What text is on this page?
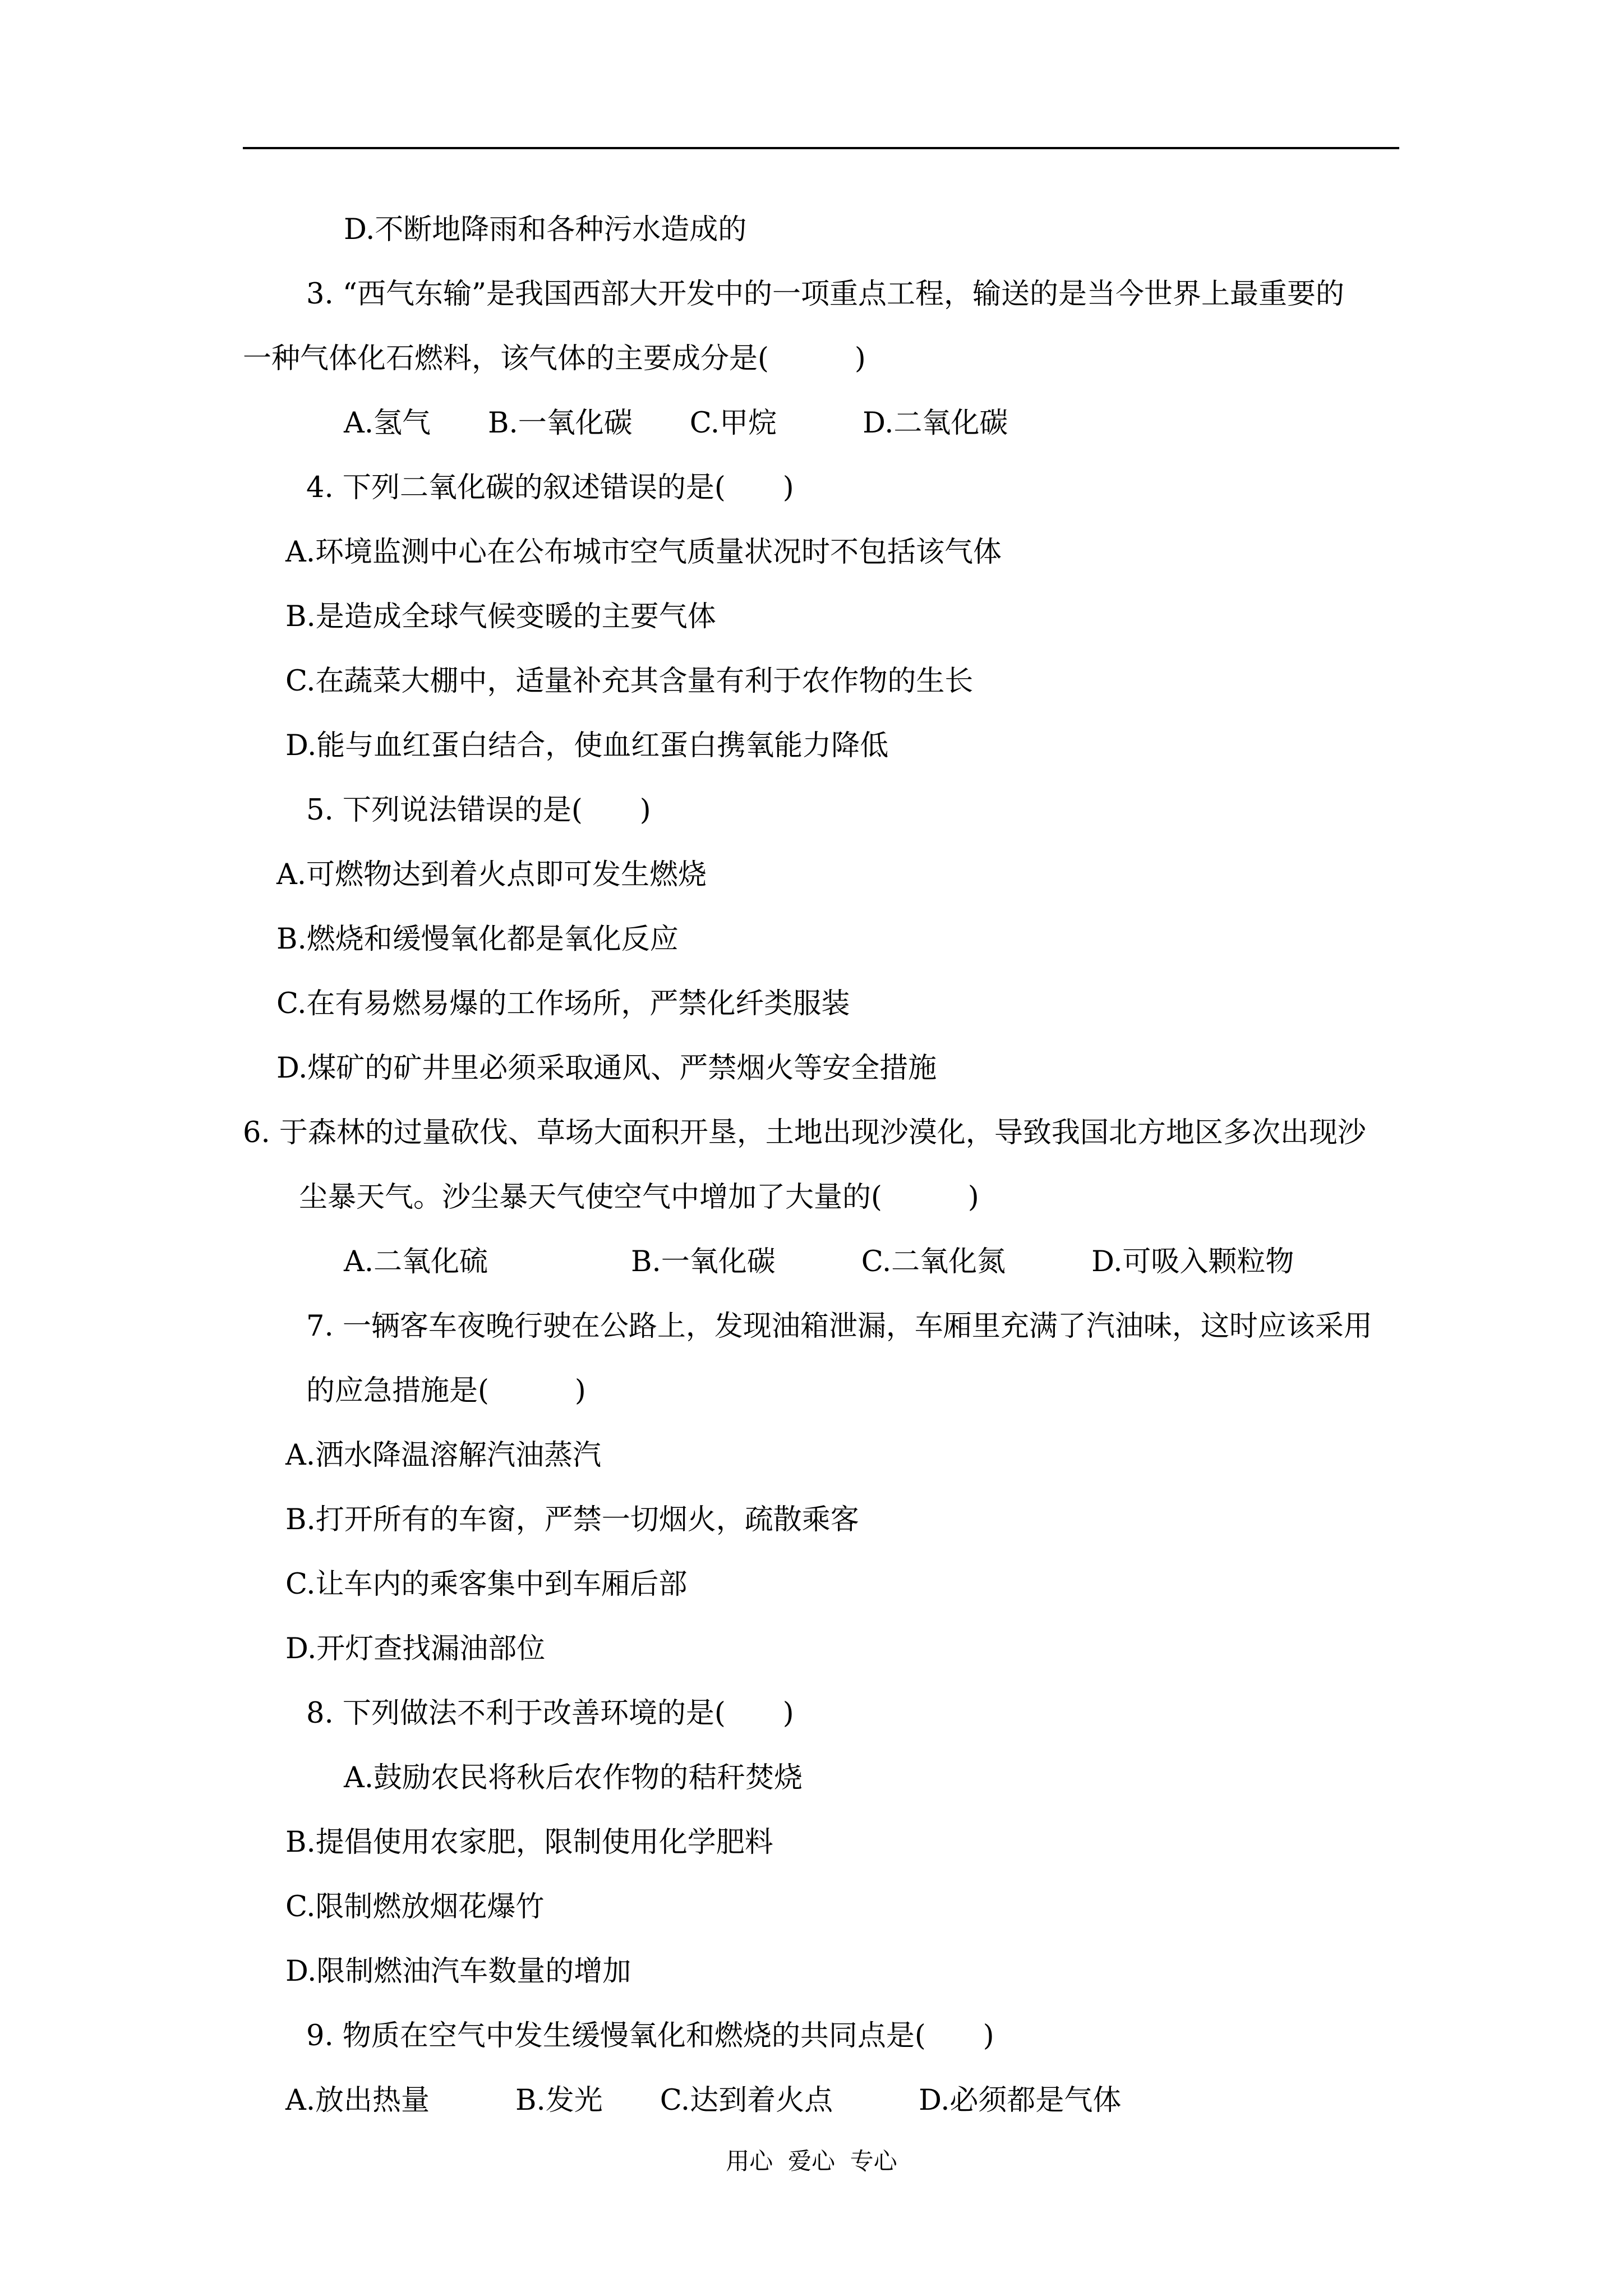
D.不断地降雨和各种污水造成的
3. “西气东输”是我国西部大开发中的一项重点工程，输送的是当今世界上最重要的
一种气体化石燃料，该气体的主要成分是(　　　)
A.氢气　　B.一氧化碳　　C.甲烷　　　D.二氧化碳
4. 下列二氧化碳的叙述错误的是(　　)
A.环境监测中心在公布城市空气质量状况时不包括该气体
B.是造成全球气候变暖的主要气体
C.在蔬菜大棚中，适量补充其含量有利于农作物的生长
D.能与血红蛋白结合，使血红蛋白携氧能力降低
5. 下列说法错误的是(　　)
A.可燃物达到着火点即可发生燃烧
B.燃烧和缓慢氧化都是氧化反应
C.在有易燃易爆的工作场所，严禁化纤类服装
D.煤矿的矿井里必须采取通风、严禁烟火等安全措施
6. 于森林的过量砍伐、草场大面积开垦，土地出现沙漠化，导致我国北方地区多次出现沙
尘暴天气。沙尘暴天气使空气中增加了大量的(　　　)
A.二氧化硫　　　　　B.一氧化碳　　　C.二氧化氮　　　D.可吸入颗粒物
7. 一辆客车夜晚行驶在公路上，发现油箱泄漏，车厢里充满了汽油味，这时应该采用
的应急措施是(　　　)
A.洒水降温溶解汽油蒸汽
B.打开所有的车窗，严禁一切烟火，疏散乘客
C.让车内的乘客集中到车厢后部
D.开灯查找漏油部位
8. 下列做法不利于改善环境的是(　　)
A.鼓励农民将秋后农作物的秸秆焚烧
B.提倡使用农家肥，限制使用化学肥料
C.限制燃放烟花爆竹
D.限制燃油汽车数量的增加
9. 物质在空气中发生缓慢氧化和燃烧的共同点是(　　)
A.放出热量　　　B.发光　　C.达到着火点　　　D.必须都是气体
用心  爱心  专心
